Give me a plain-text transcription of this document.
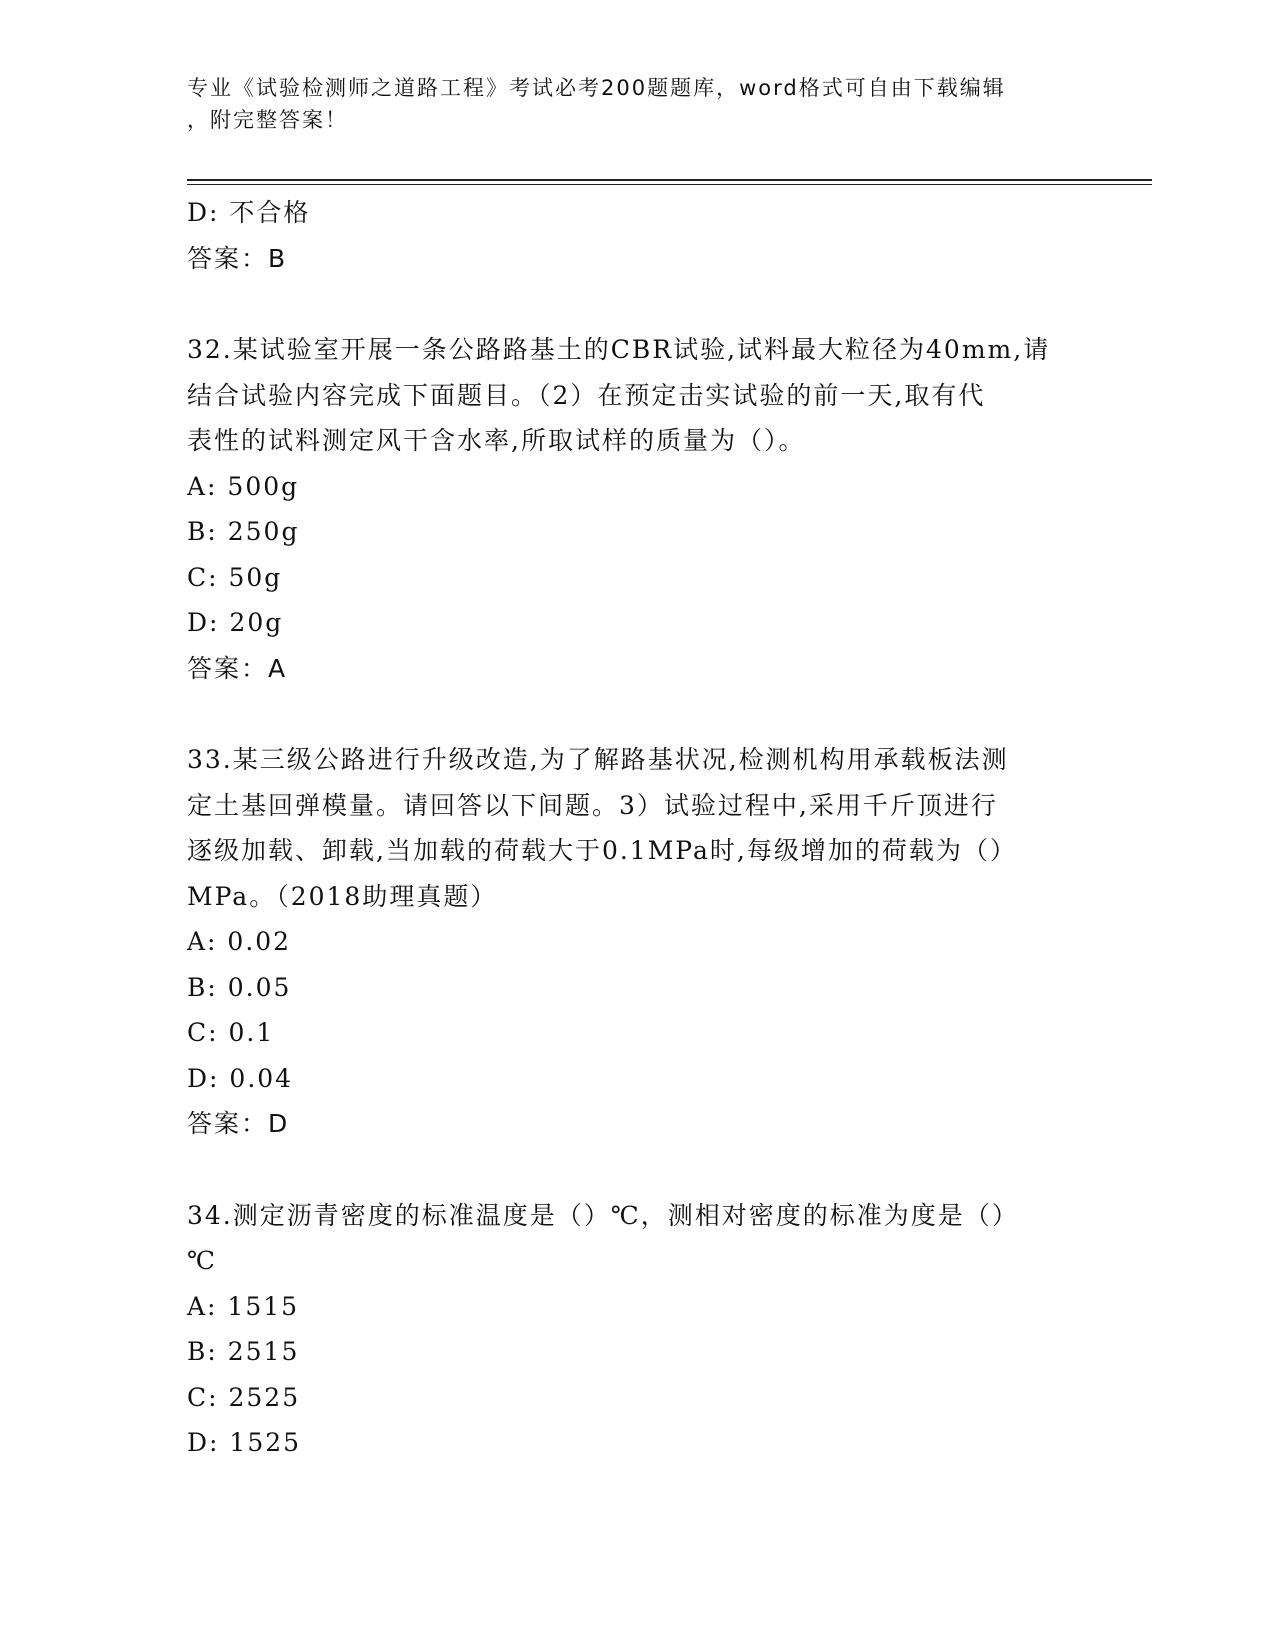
专业《试验检测师之道路工程》考试必考200题题库，word格式可自由下载编辑
，附完整答案！

D: 不合格

答案：B

32.某试验室开展一条公路路基土的CBR试验,试料最大粒径为40mm,请

结合试验内容完成下面题目。（2）在预定击实试验的前一天,取有代

表性的试料测定风干含水率,所取试样的质量为（）。

A: 500g

B: 250g

C: 50g

D: 20g

答案：A

33.某三级公路进行升级改造,为了解路基状况,检测机构用承载板法测

定土基回弹模量。请回答以下间题。3）试验过程中,采用千斤顶进行

逐级加载、卸载,当加载的荷载大于0.1MPa时,每级增加的荷载为（）

MPa。（2018助理真题）

A: 0.02

B: 0.05

C: 0.1

D: 0.04

答案：D

34.测定沥青密度的标准温度是（）℃，测相对密度的标准为度是（）

℃

A: 1515

B: 2515

C: 2525

D: 1525
